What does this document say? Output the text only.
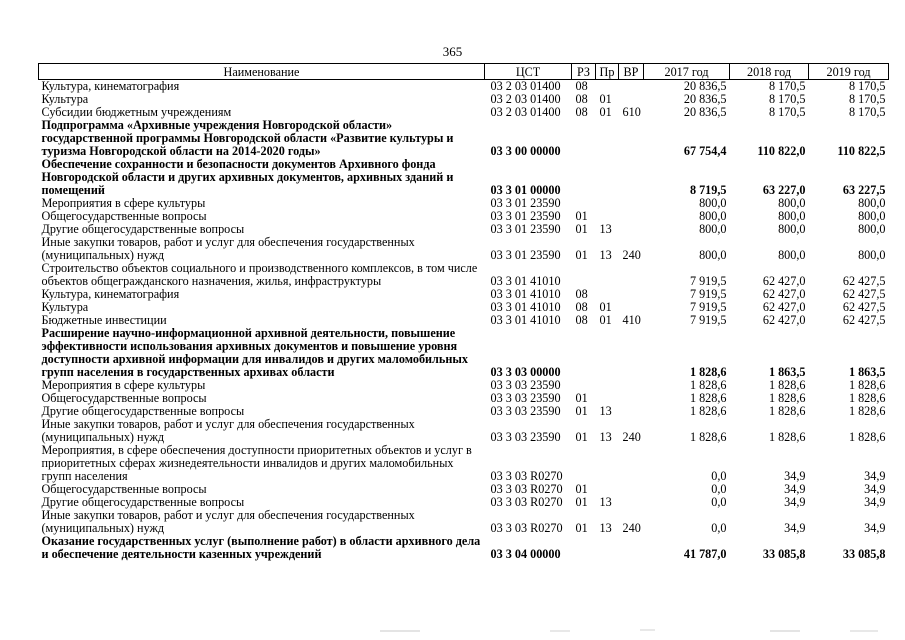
365
Наименование	ЦСТ	РЗ	Пр	ВР	2017 год	2018 год	2019 год
Культура, кинематография	03 2 03 01400	08			20 836,5	8 170,5	8 170,5
Культура	03 2 03 01400	08	01		20 836,5	8 170,5	8 170,5
Субсидии бюджетным учреждениям	03 2 03 01400	08	01	610	20 836,5	8 170,5	8 170,5
Подпрограмма «Архивные учреждения Новгородской области» государственной программы Новгородской области «Развитие культуры и туризма Новгородской области на 2014-2020 годы»	03 3 00 00000				67 754,4	110 822,0	110 822,5
Обеспечение сохранности и безопасности документов Архивного фонда Новгородской области и других архивных документов, архивных зданий и помещений	03 3 01 00000				8 719,5	63 227,0	63 227,5
Мероприятия в сфере культуры	03 3 01 23590				800,0	800,0	800,0
Общегосударственные вопросы	03 3 01 23590	01			800,0	800,0	800,0
Другие общегосударственные вопросы	03 3 01 23590	01	13		800,0	800,0	800,0
Иные закупки товаров, работ и услуг для обеспечения государственных (муниципальных) нужд	03 3 01 23590	01	13	240	800,0	800,0	800,0
Строительство объектов социального и производственного комплексов, в том числе объектов общегражданского назначения, жилья, инфраструктуры	03 3 01 41010				7 919,5	62 427,0	62 427,5
Культура, кинематография	03 3 01 41010	08			7 919,5	62 427,0	62 427,5
Культура	03 3 01 41010	08	01		7 919,5	62 427,0	62 427,5
Бюджетные инвестиции	03 3 01 41010	08	01	410	7 919,5	62 427,0	62 427,5
Расширение научно-информационной архивной деятельности, повышение эффективности использования архивных документов и повышение уровня доступности архивной информации для инвалидов и других маломобильных групп населения в государственных архивах области	03 3 03 00000				1 828,6	1 863,5	1 863,5
Мероприятия в сфере культуры	03 3 03 23590				1 828,6	1 828,6	1 828,6
Общегосударственные вопросы	03 3 03 23590	01			1 828,6	1 828,6	1 828,6
Другие общегосударственные вопросы	03 3 03 23590	01	13		1 828,6	1 828,6	1 828,6
Иные закупки товаров, работ и услуг для обеспечения государственных (муниципальных) нужд	03 3 03 23590	01	13	240	1 828,6	1 828,6	1 828,6
Мероприятия, в сфере обеспечения доступности приоритетных объектов и услуг в приоритетных сферах жизнедеятельности инвалидов и других маломобильных групп населения	03 3 03 R0270				0,0	34,9	34,9
Общегосударственные вопросы	03 3 03 R0270	01			0,0	34,9	34,9
Другие общегосударственные вопросы	03 3 03 R0270	01	13		0,0	34,9	34,9
Иные закупки товаров, работ и услуг для обеспечения государственных (муниципальных) нужд	03 3 03 R0270	01	13	240	0,0	34,9	34,9
Оказание государственных услуг (выполнение работ) в области архивного дела и обеспечение деятельности казенных учреждений	03 3 04 00000				41 787,0	33 085,8	33 085,8
